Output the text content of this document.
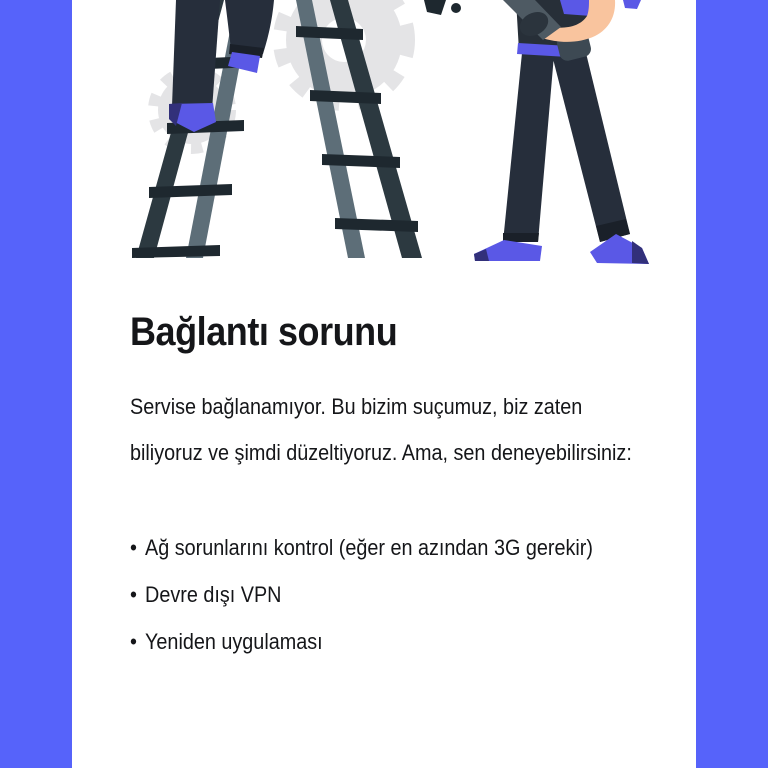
Bağlantı sorunu

Servise bağlanamıyor. Bu bizim suçumuz, biz zaten biliyoruz ve şimdi düzeltiyoruz. Ama, sen deneyebilirsiniz:

• Ağ sorunlarını kontrol (eğer en azından 3G gerekir)
• Devre dışı VPN
• Yeniden uygulaması
